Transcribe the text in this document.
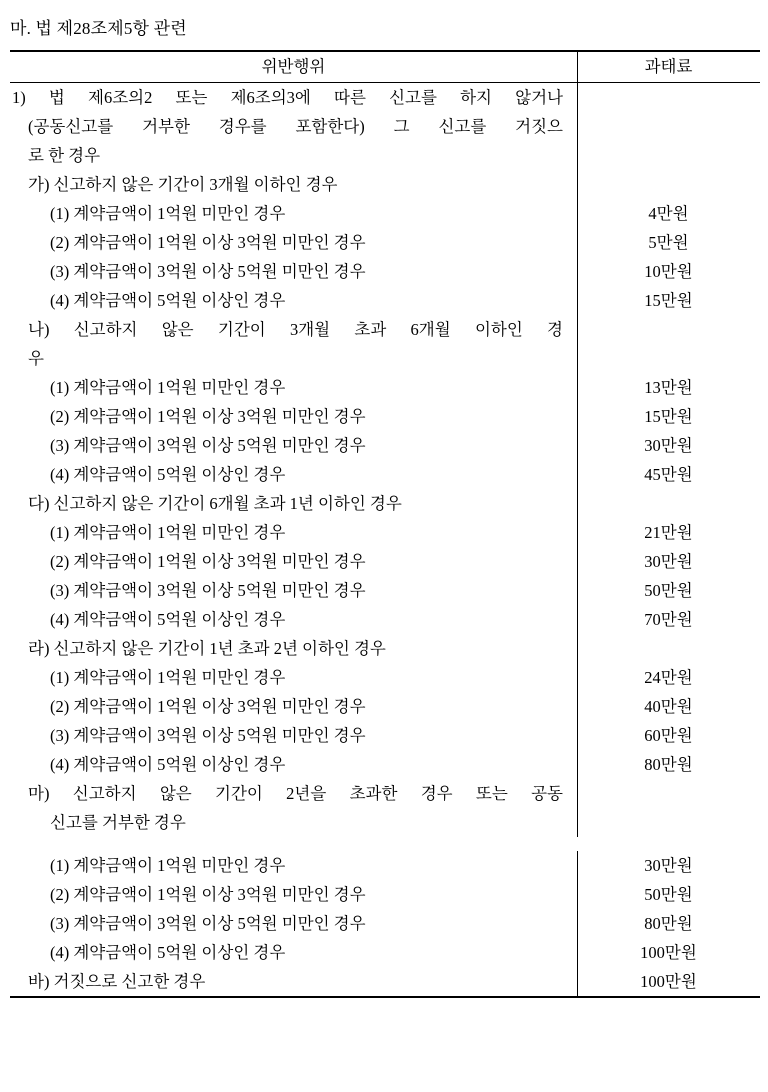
마. 법 제28조제5항 관련
위반행위	과태료
1) 법 제6조의2 또는 제6조의3에 따른 신고를 하지 않거나
(공동신고를 거부한 경우를 포함한다) 그 신고를 거짓으
로 한 경우
가) 신고하지 않은 기간이 3개월 이하인 경우
(1) 계약금액이 1억원 미만인 경우	4만원
(2) 계약금액이 1억원 이상 3억원 미만인 경우	5만원
(3) 계약금액이 3억원 이상 5억원 미만인 경우	10만원
(4) 계약금액이 5억원 이상인 경우	15만원
나) 신고하지 않은 기간이 3개월 초과 6개월 이하인 경
우
(1) 계약금액이 1억원 미만인 경우	13만원
(2) 계약금액이 1억원 이상 3억원 미만인 경우	15만원
(3) 계약금액이 3억원 이상 5억원 미만인 경우	30만원
(4) 계약금액이 5억원 이상인 경우	45만원
다) 신고하지 않은 기간이 6개월 초과 1년 이하인 경우
(1) 계약금액이 1억원 미만인 경우	21만원
(2) 계약금액이 1억원 이상 3억원 미만인 경우	30만원
(3) 계약금액이 3억원 이상 5억원 미만인 경우	50만원
(4) 계약금액이 5억원 이상인 경우	70만원
라) 신고하지 않은 기간이 1년 초과 2년 이하인 경우
(1) 계약금액이 1억원 미만인 경우	24만원
(2) 계약금액이 1억원 이상 3억원 미만인 경우	40만원
(3) 계약금액이 3억원 이상 5억원 미만인 경우	60만원
(4) 계약금액이 5억원 이상인 경우	80만원
마) 신고하지 않은 기간이 2년을 초과한 경우 또는 공동
신고를 거부한 경우
(1) 계약금액이 1억원 미만인 경우	30만원
(2) 계약금액이 1억원 이상 3억원 미만인 경우	50만원
(3) 계약금액이 3억원 이상 5억원 미만인 경우	80만원
(4) 계약금액이 5억원 이상인 경우	100만원
바) 거짓으로 신고한 경우	100만원
